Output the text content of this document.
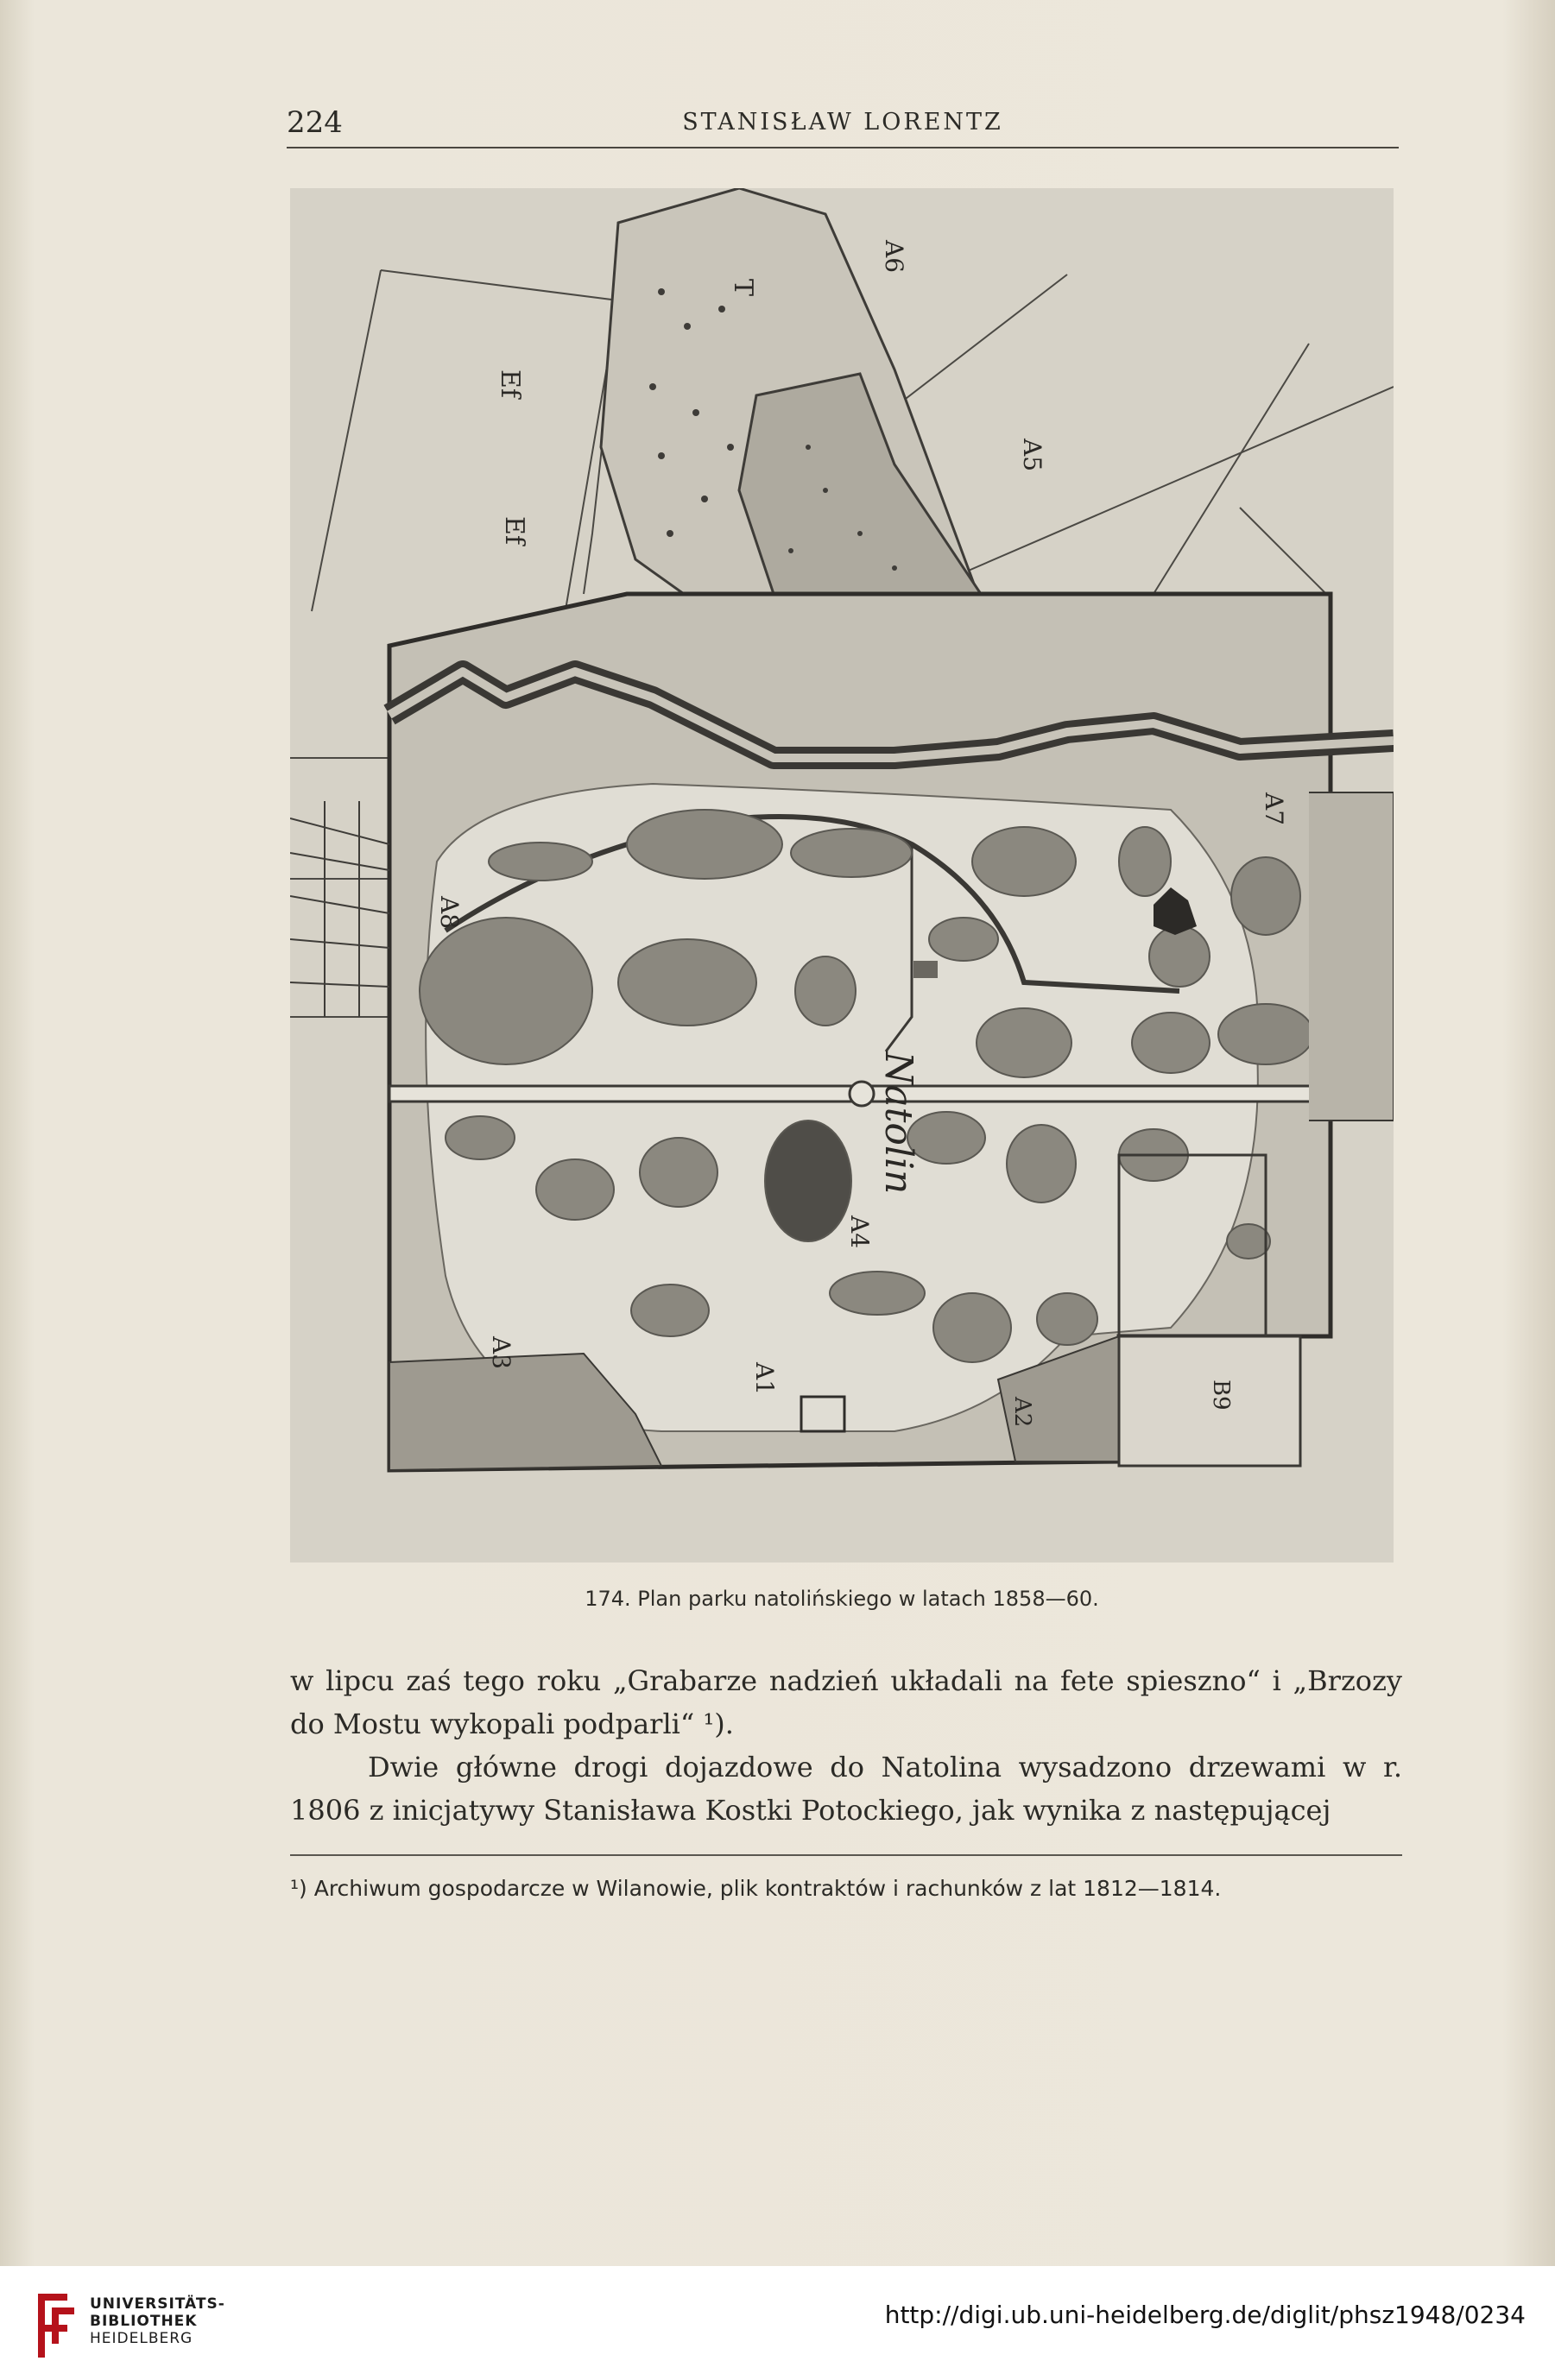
224	STANISŁAW LORENTZ
Natolin
A6
A5
A7
A8
A4
A3
A1
A2
B9
Ef
Ef
T
174. Plan parku natolińskiego w latach 1858—60.

w lipcu zaś tego roku „Grabarze nadzień układali na fete spieszno“ i „Brzozy do Mostu wykopali podparli“ ¹).

Dwie główne drogi dojazdowe do Natolina wysadzono drzewami w r. 1806 z inicjatywy Stanisława Kostki Potockiego, jak wynika z następującej

¹) Archiwum gospodarcze w Wilanowie, plik kontraktów i rachunków z lat 1812—1814.
UNIVERSITÄTS-
BIBLIOTHEK
HEIDELBERG
http://digi.ub.uni-heidelberg.de/diglit/phsz1948/0234
